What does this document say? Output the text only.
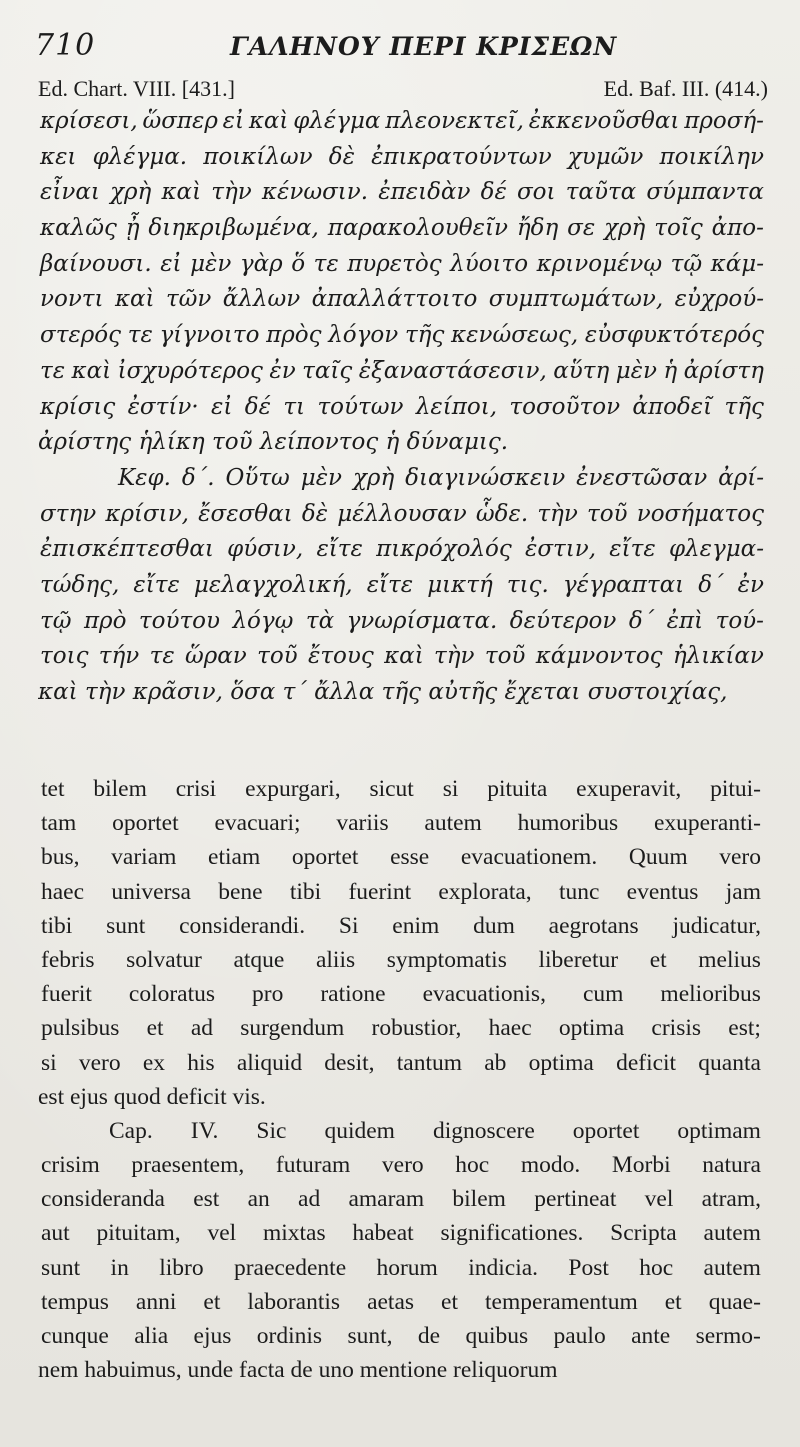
710	ΓΑΛΗΝΟΥ ΠΕΡΙ ΚΡΙΣΕΩΝ
Ed. Chart. VIII. [431.]	Ed. Baf. III. (414.)
κρίσεσι, ὥσπερ εἰ καὶ φλέγμα πλεονεκτεῖ, ἐκκενοῦσθαι προσή-
κει φλέγμα. ποικίλων δὲ ἐπικρατούντων χυμῶν ποικίλην
εἶναι χρὴ καὶ τὴν κένωσιν. ἐπειδὰν δέ σοι ταῦτα σύμπαντα
καλῶς ᾖ διηκριβωμένα, παρακολουθεῖν ἤδη σε χρὴ τοῖς ἀπο-
βαίνουσι. εἰ μὲν γὰρ ὅ τε πυρετὸς λύοιτο κρινομένῳ τῷ κάμ-
νοντι καὶ τῶν ἄλλων ἀπαλλάττοιτο συμπτωμάτων, εὐχρού-
στερός τε γίγνοιτο πρὸς λόγον τῆς κενώσεως, εὐσφυκτότερός
τε καὶ ἰσχυρότερος ἐν ταῖς ἐξαναστάσεσιν, αὕτη μὲν ἡ ἀρίστη
κρίσις ἐστίν· εἰ δέ τι τούτων λείποι, τοσοῦτον ἀποδεῖ τῆς
ἀρίστης ἡλίκη τοῦ λείποντος ἡ δύναμις.
Κεφ. δ΄. Οὕτω μὲν χρὴ διαγινώσκειν ἐνεστῶσαν ἀρί-
στην κρίσιν, ἔσεσθαι δὲ μέλλουσαν ὧδε. τὴν τοῦ νοσήματος
ἐπισκέπτεσθαι φύσιν, εἴτε πικρόχολός ἐστιν, εἴτε φλεγμα-
τώδης, εἴτε μελαγχολική, εἴτε μικτή τις. γέγραπται δ΄ ἐν
τῷ πρὸ τούτου λόγῳ τὰ γνωρίσματα. δεύτερον δ΄ ἐπὶ τού-
τοις τήν τε ὥραν τοῦ ἔτους καὶ τὴν τοῦ κάμνοντος ἡλικίαν
καὶ τὴν κρᾶσιν, ὅσα τ΄ ἄλλα τῆς αὐτῆς ἔχεται συστοιχίας,
tet bilem crisi expurgari, sicut si pituita exuperavit, pitui-
tam oportet evacuari; variis autem humoribus exuperanti-
bus, variam etiam oportet esse evacuationem. Quum vero
haec universa bene tibi fuerint explorata, tunc eventus jam
tibi sunt considerandi. Si enim dum aegrotans judicatur,
febris solvatur atque aliis symptomatis liberetur et melius
fuerit coloratus pro ratione evacuationis, cum melioribus
pulsibus et ad surgendum robustior, haec optima crisis est;
si vero ex his aliquid desit, tantum ab optima deficit quanta
est ejus quod deficit vis.
Cap. IV. Sic quidem dignoscere oportet optimam
crisim praesentem, futuram vero hoc modo. Morbi natura
consideranda est an ad amaram bilem pertineat vel atram,
aut pituitam, vel mixtas habeat significationes. Scripta autem
sunt in libro praecedente horum indicia. Post hoc autem
tempus anni et laborantis aetas et temperamentum et quae-
cunque alia ejus ordinis sunt, de quibus paulo ante sermo-
nem habuimus, unde facta de uno mentione reliquorum
